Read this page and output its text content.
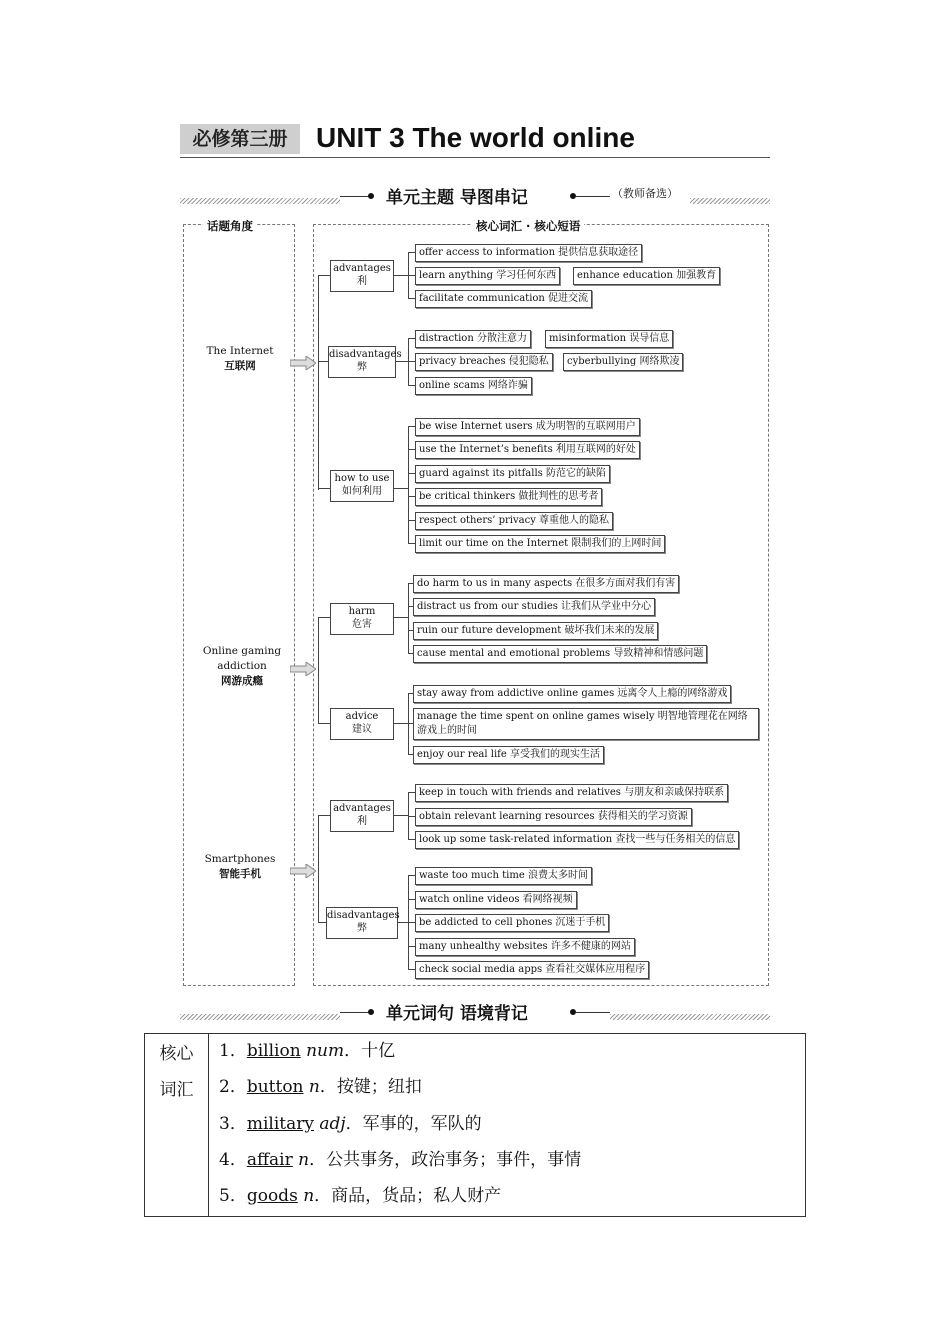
必修第三册	UNIT 3 The world online
单元主题 导图串记	（教师备选）
话题角度	核心词汇 · 核心短语
The Internet
互联网
Online gaming addiction
网游成瘾
Smartphones
智能手机
advantages
利
disadvantages
弊
how to use
如何利用
harm
危害
advice
建议
advantages
利
disadvantages
弊
offer access to information 提供信息获取途径
learn anything 学习任何东西	enhance education 加强教育
facilitate communication 促进交流
distraction 分散注意力	misinformation 误导信息
privacy breaches 侵犯隐私	cyberbullying 网络欺凌
online scams 网络诈骗
be wise Internet users 成为明智的互联网用户
use the Internet’s benefits 利用互联网的好处
guard against its pitfalls 防范它的缺陷
be critical thinkers 做批判性的思考者
respect others’ privacy 尊重他人的隐私
limit our time on the Internet 限制我们的上网时间
do harm to us in many aspects 在很多方面对我们有害
distract us from our studies 让我们从学业中分心
ruin our future development 破坏我们未来的发展
cause mental and emotional problems 导致精神和情感问题
stay away from addictive online games 远离令人上瘾的网络游戏
manage the time spent on online games wisely 明智地管理花在网络游戏上的时间
enjoy our real life 享受我们的现实生活
keep in touch with friends and relatives 与朋友和亲戚保持联系
obtain relevant learning resources 获得相关的学习资源
look up some task-related information 查找一些与任务相关的信息
waste too much time 浪费太多时间
watch online videos 看网络视频
be addicted to cell phones 沉迷于手机
many unhealthy websites 许多不健康的网站
check social media apps 查看社交媒体应用程序
单元词句 语境背记
核心
词汇
1．billion num．十亿
2．button n．按键；纽扣
3．military adj．军事的，军队的
4．affair n．公共事务，政治事务；事件，事情
5．goods n．商品，货品；私人财产
